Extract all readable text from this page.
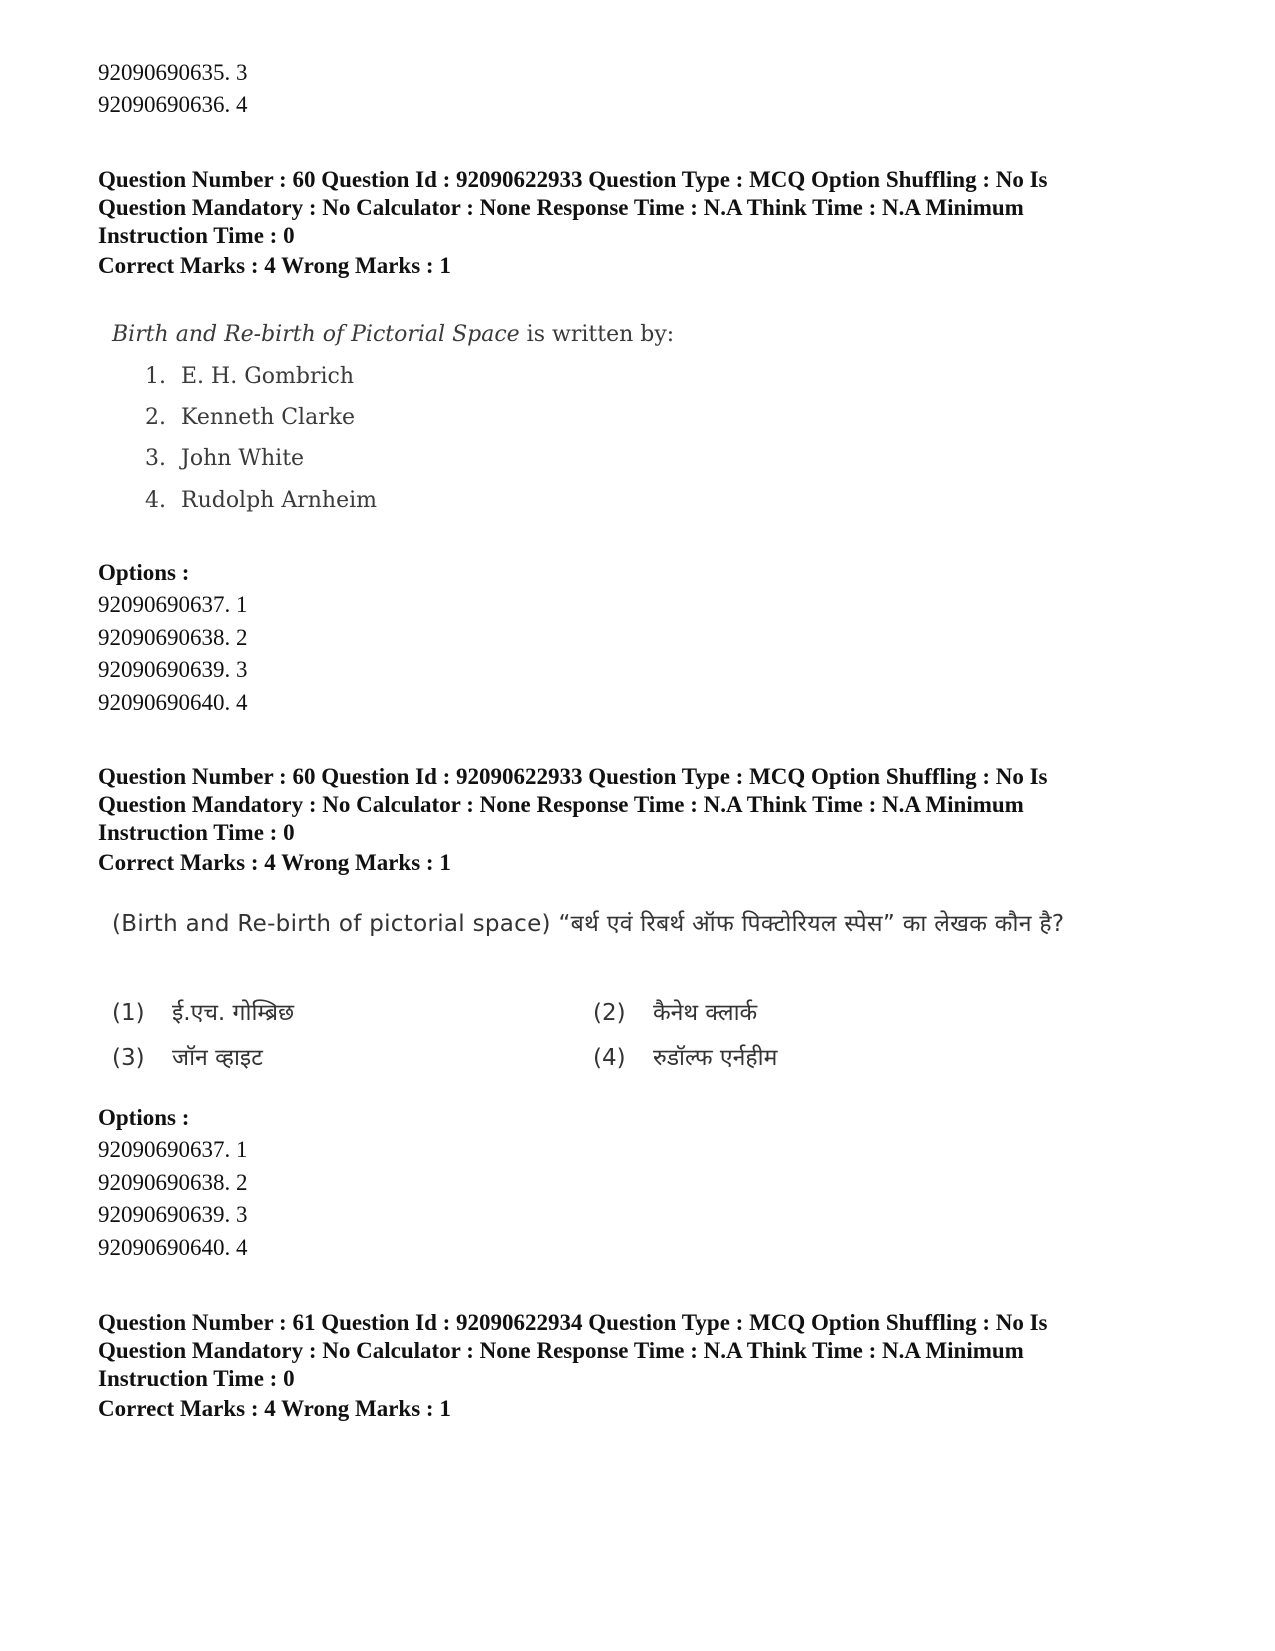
92090690635. 3
92090690636. 4
Question Number : 60 Question Id : 92090622933 Question Type : MCQ Option Shuffling : No Is Question Mandatory : No Calculator : None Response Time : N.A Think Time : N.A Minimum Instruction Time : 0
Correct Marks : 4 Wrong Marks : 1
Birth and Re-birth of Pictorial Space is written by:
1. E. H. Gombrich
2. Kenneth Clarke
3. John White
4. Rudolph Arnheim
Options :
92090690637. 1
92090690638. 2
92090690639. 3
92090690640. 4
Question Number : 60 Question Id : 92090622933 Question Type : MCQ Option Shuffling : No Is Question Mandatory : No Calculator : None Response Time : N.A Think Time : N.A Minimum Instruction Time : 0
Correct Marks : 4 Wrong Marks : 1
(Birth and Re-birth of pictorial space) “बर्थ एवं रिबर्थ ऑफ पिक्टोरियल स्पेस” का लेखक कौन है?
(1) ई.एच. गोम्ब्रिछ	(2) कैनेथ क्लार्क
(3) जॉन व्हाइट	(4) रुडॉल्फ एर्नहीम
Options :
92090690637. 1
92090690638. 2
92090690639. 3
92090690640. 4
Question Number : 61 Question Id : 92090622934 Question Type : MCQ Option Shuffling : No Is Question Mandatory : No Calculator : None Response Time : N.A Think Time : N.A Minimum Instruction Time : 0
Correct Marks : 4 Wrong Marks : 1
